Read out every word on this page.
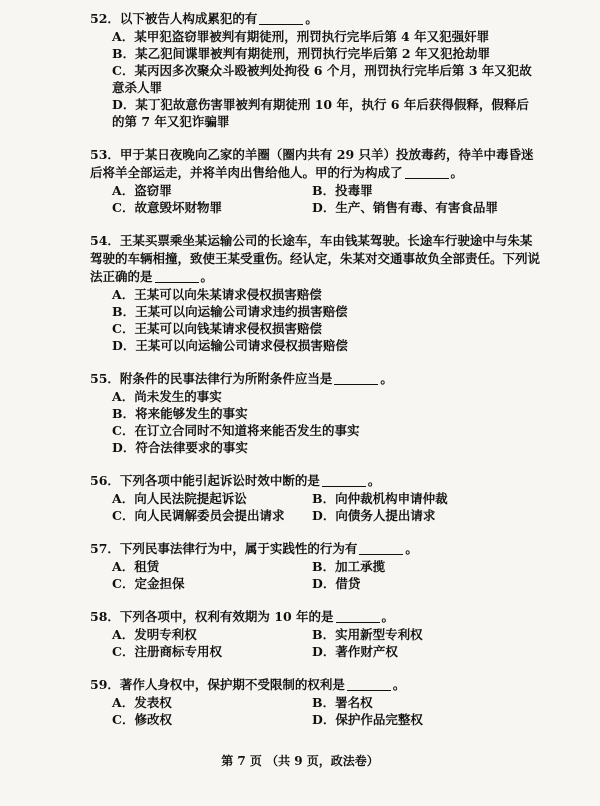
52．以下被告人构成累犯的有	。

A．某甲犯盗窃罪被判有期徒刑，刑罚执行完毕后第 4 年又犯强奸罪

B．某乙犯间谍罪被判有期徒刑，刑罚执行完毕后第 2 年又犯抢劫罪

C．某丙因多次聚众斗殴被判处拘役 6 个月，刑罚执行完毕后第 3 年又犯故意杀人罪

D．某丁犯故意伤害罪被判有期徒刑 10 年，执行 6 年后获得假释，假释后的第 7 年又犯诈骗罪

53．甲于某日夜晚向乙家的羊圈（圈内共有 29 只羊）投放毒药，待羊中毒昏迷后将羊全部运走，并将羊肉出售给他人。甲的行为构成了	。

A．盗窃罪	B．投毒罪

C．故意毁坏财物罪	D．生产、销售有毒、有害食品罪

54．王某买票乘坐某运输公司的长途车，车由钱某驾驶。长途车行驶途中与朱某驾驶的车辆相撞，致使王某受重伤。经认定，朱某对交通事故负全部责任。下列说法正确的是	。

A．王某可以向朱某请求侵权损害赔偿

B．王某可以向运输公司请求违约损害赔偿

C．王某可以向钱某请求侵权损害赔偿

D．王某可以向运输公司请求侵权损害赔偿

55．附条件的民事法律行为所附条件应当是	。

A．尚未发生的事实

B．将来能够发生的事实

C．在订立合同时不知道将来能否发生的事实

D．符合法律要求的事实

56．下列各项中能引起诉讼时效中断的是	。

A．向人民法院提起诉讼	B．向仲裁机构申请仲裁

C．向人民调解委员会提出请求	D．向债务人提出请求

57．下列民事法律行为中，属于实践性的行为有	。

A．租赁	B．加工承揽

C．定金担保	D．借贷

58．下列各项中，权利有效期为 10 年的是	。

A．发明专利权	B．实用新型专利权

C．注册商标专用权	D．著作财产权

59．著作人身权中，保护期不受限制的权利是	。

A．发表权	B．署名权

C．修改权	D．保护作品完整权

第 7 页 （共 9 页，政法卷）
